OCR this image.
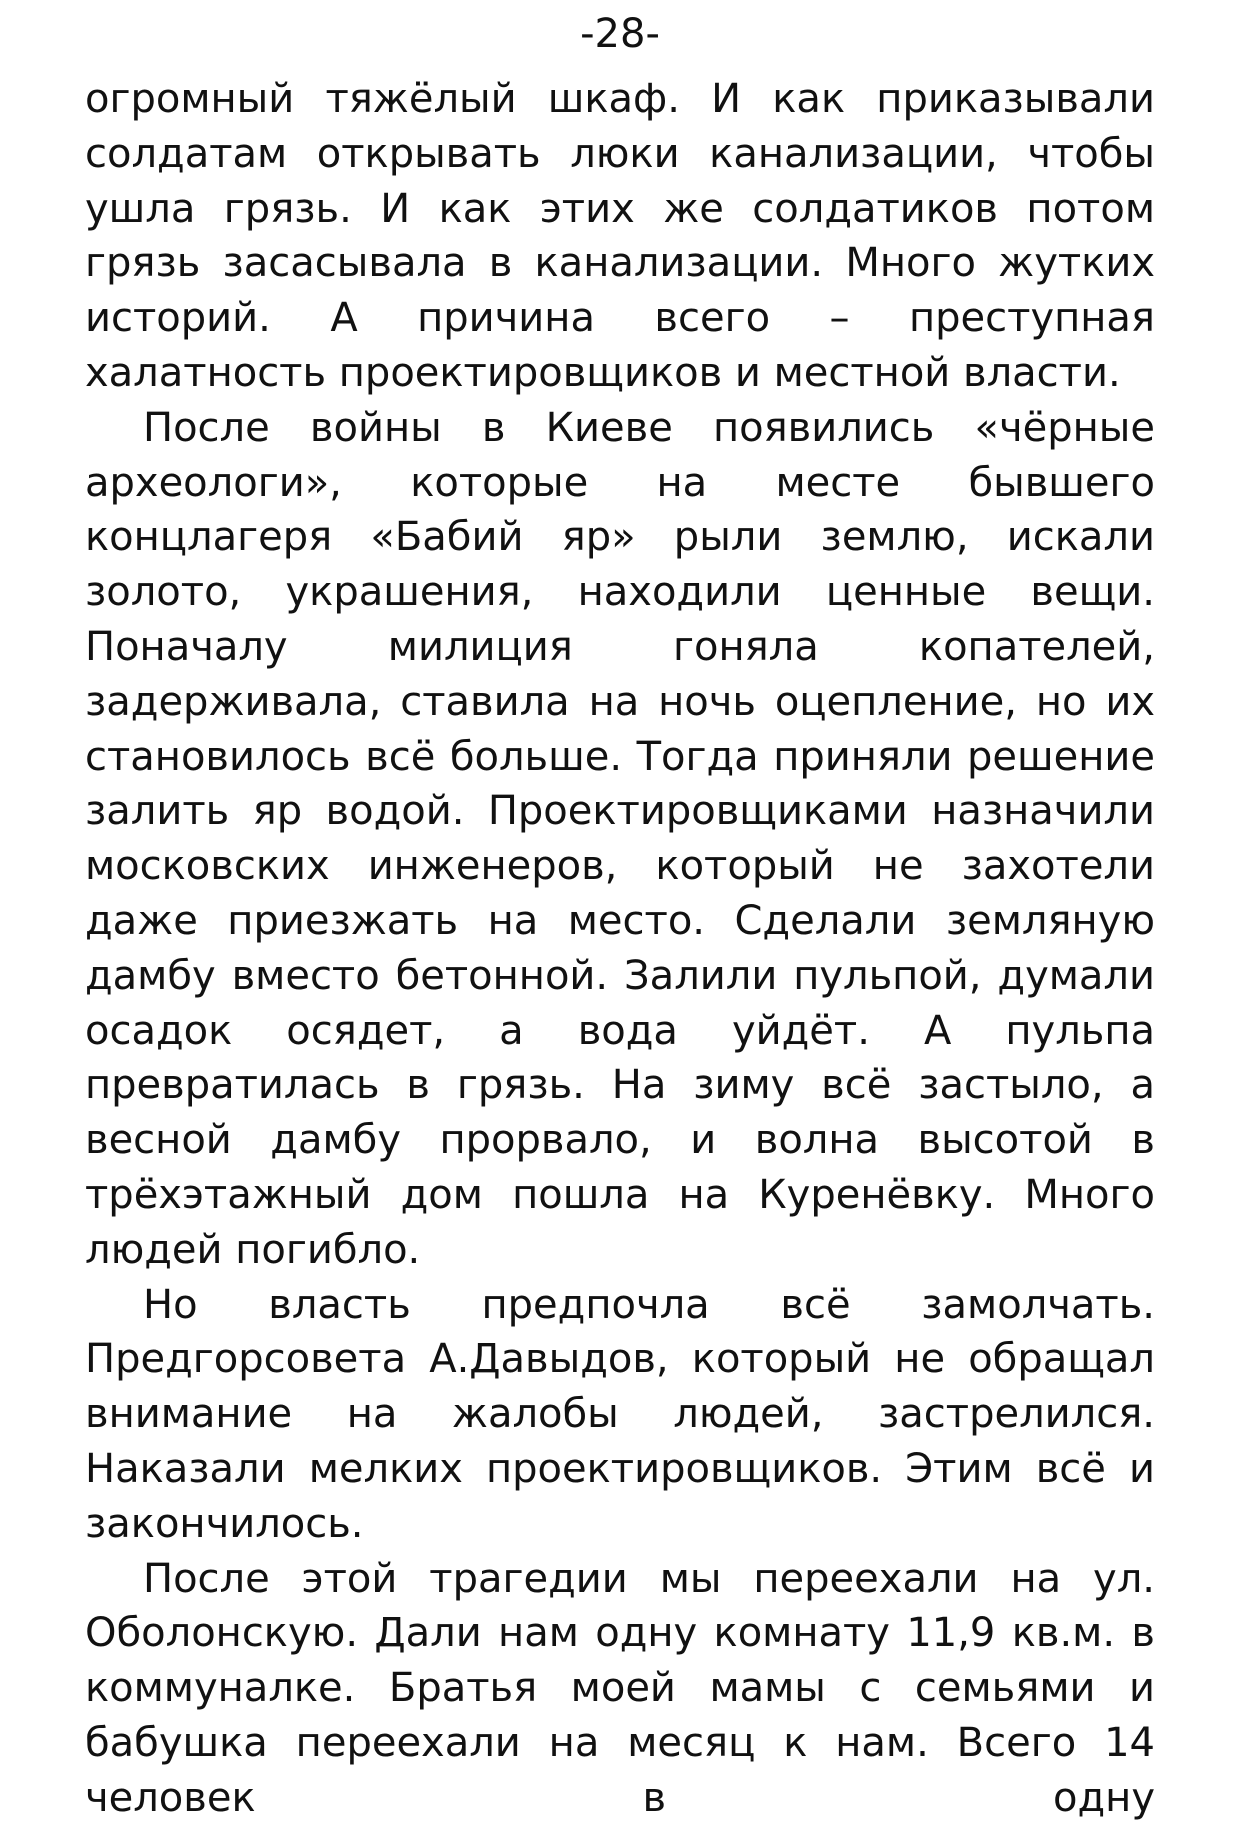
-28-

огромный тяжёлый шкаф. И как приказывали солдатам открывать люки канализации, чтобы ушла грязь. И как этих же солдатиков потом грязь засасывала в канализации. Много жутких историй. А причина всего – преступная халатность проектировщиков и местной власти.

После войны в Киеве появились «чёрные археологи», которые на месте бывшего концлагеря «Бабий яр» рыли землю, искали золото, украшения, находили ценные вещи. Поначалу милиция гоняла копателей, задерживала, ставила на ночь оцепление, но их становилось всё больше. Тогда приняли решение залить яр водой. Проектировщиками назначили московских инженеров, который не захотели даже приезжать на место. Сделали земляную дамбу вместо бетонной. Залили пульпой, думали осадок осядет, а вода уйдёт. А пульпа превратилась в грязь. На зиму всё застыло, а весной дамбу прорвало, и волна высотой в трёхэтажный дом пошла на Куренёвку. Много людей погибло.

Но власть предпочла всё замолчать. Предгорсовета А.Давыдов, который не обращал внимание на жалобы людей, застрелился. Наказали мелких проектировщиков. Этим всё и закончилось.

После этой трагедии мы переехали на ул. Оболонскую. Дали нам одну комнату 11,9 кв.м. в коммуналке. Братья моей мамы с семьями и бабушка переехали на месяц к нам. Всего 14 человек в одну
